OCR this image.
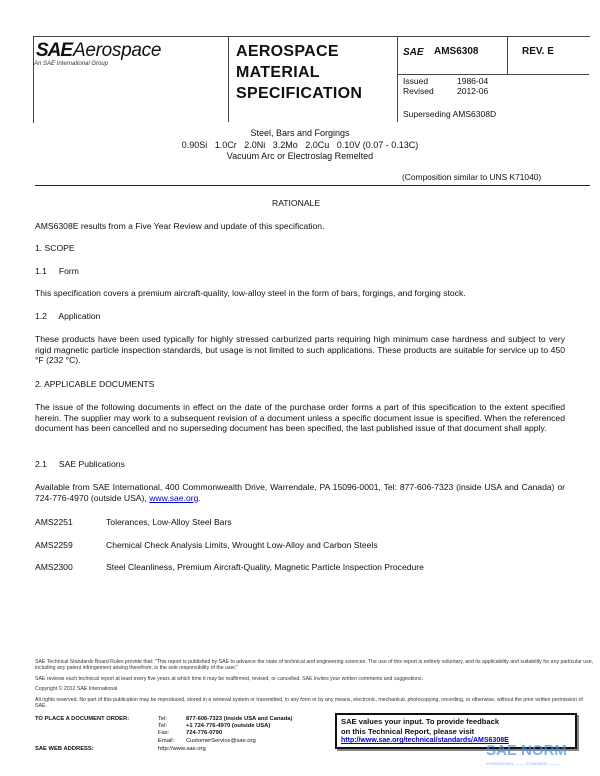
SAE Aerospace
An SAE International Group
AEROSPACE
MATERIAL
SPECIFICATION
SAE AMS6308	REV. E
Issued	1986-04
Revised	2012-06
Superseding AMS6308D
Steel, Bars and Forgings
0.90Si   1.0Cr   2.0Ni   3.2Mo   2.0Cu   0.10V (0.07 - 0.13C)
Vacuum Arc or Electroslag Remelted
(Composition similar to UNS K71040)
RATIONALE
AMS6308E results from a Five Year Review and update of this specification.
1. SCOPE
1.1     Form
This specification covers a premium aircraft-quality, low-alloy steel in the form of bars, forgings, and forging stock.
1.2     Application
These products have been used typically for highly stressed carburized parts requiring high minimum case hardness and subject to very rigid magnetic particle inspection standards, but usage is not limited to such applications. These products are suitable for service up to 450 °F (232 °C).
2. APPLICABLE DOCUMENTS
The issue of the following documents in effect on the date of the purchase order forms a part of this specification to the extent specified herein. The supplier may work to a subsequent revision of a document unless a specific document issue is specified. When the referenced document has been cancelled and no superseding document has been specified, the last published issue of that document shall apply.
2.1     SAE Publications
Available from SAE International, 400 Commonwealth Drive, Warrendale, PA 15096-0001, Tel: 877-606-7323 (inside USA and Canada) or 724-776-4970 (outside USA), www.sae.org.
AMS2251	Tolerances, Low-Alloy Steel Bars
AMS2259	Chemical Check Analysis Limits, Wrought Low-Alloy and Carbon Steels
AMS2300	Steel Cleanliness, Premium Aircraft-Quality, Magnetic Particle Inspection Procedure
SAE Technical Standards Board Rules provide that: "This report is published by SAE to advance the state of technical and engineering sciences. The use of this report is entirely voluntary, and its applicability and suitability for any particular use, including any patent infringement arising therefrom, is the sole responsibility of the user."
SAE reviews each technical report at least every five years at which time it may be reaffirmed, revised, or cancelled. SAE invites your written comments and suggestions.
Copyright © 2012 SAE International
All rights reserved. No part of this publication may be reproduced, stored in a retrieval system or transmitted, in any form or by any means, electronic, mechanical, photocopying, recording, or otherwise, without the prior written permission of SAE.
TO PLACE A DOCUMENT ORDER:
SAE WEB ADDRESS:
Tel:	877-606-7323 (inside USA and Canada)
Tel:	+1 724-776-4970 (outside USA)
Fax:	724-776-0790
Email: CustomerService@sae.org
http://www.sae.org
SAE values your input. To provide feedback
on this Technical Report, please visit
http://www.sae.org/technical/standards/AMS6308E
SAE NORM
INTERNATIONAL ——— STANDARDS ———
